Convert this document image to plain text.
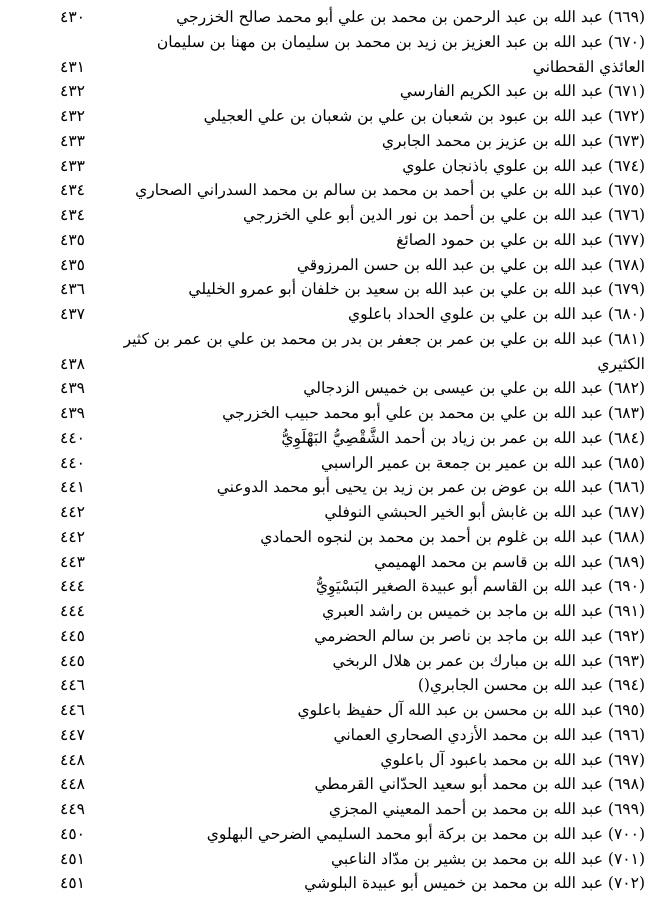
(٦٦٩) عبد الله بن عبد الرحمن بن محمد بن علي أبو محمد صالح الخزرجي
٤٣٠
(٦٧٠) عبد الله بن عبد العزيز بن زيد بن محمد بن سليمان بن مهنا بن سليمان
العائذي القحطاني
٤٣١
(٦٧١) عبد الله بن عبد الكريم الفارسي
٤٣٢
(٦٧٢) عبد الله بن عبود بن شعبان بن علي بن شعبان بن علي العجيلي
٤٣٢
(٦٧٣) عبد الله بن عزيز بن محمد الجابري
٤٣٣
(٦٧٤) عبد الله بن علوي باذنجان علوي
٤٣٣
(٦٧٥) عبد الله بن علي بن أحمد بن محمد بن سالم بن محمد السدراني الصحاري
٤٣٤
(٦٧٦) عبد الله بن علي بن أحمد بن نور الدين أبو علي الخزرجي
٤٣٤
(٦٧٧) عبد الله بن علي بن حمود الصائغ
٤٣٥
(٦٧٨) عبد الله بن علي بن عبد الله بن حسن المرزوقي
٤٣٥
(٦٧٩) عبد الله بن علي بن عبد الله بن سعيد بن خلفان أبو عمرو الخليلي
٤٣٦
(٦٨٠) عبد الله بن علي بن علوي الحداد باعلوي
٤٣٧
(٦٨١) عبد الله بن علي بن عمر بن جعفر بن بدر بن محمد بن علي بن عمر بن كثير
الكثيري
٤٣٨
(٦٨٢) عبد الله بن علي بن عيسى بن خميس الزدجالي
٤٣٩
(٦٨٣) عبد الله بن علي بن محمد بن علي أبو محمد حبيب الخزرجي
٤٣٩
(٦٨٤) عبد الله بن عمر بن زياد بن أحمد الشَّقْصِيُّ البَهْلَوِيُّ
٤٤٠
(٦٨٥) عبد الله بن عمير بن جمعة بن عمير الراسبي
٤٤٠
(٦٨٦) عبد الله بن عوض بن عمر بن زيد بن يحيى أبو محمد الدوعني
٤٤١
(٦٨٧) عبد الله بن غابش أبو الخير الحبشي النوفلي
٤٤٢
(٦٨٨) عبد الله بن غلوم بن أحمد بن محمد بن لنجوه الحمادي
٤٤٢
(٦٨٩) عبد الله بن قاسم بن محمد الهميمي
٤٤٣
(٦٩٠) عبد الله بن القاسم أبو عبيدة الصغير البَسْيَوِيُّ
٤٤٤
(٦٩١) عبد الله بن ماجد بن خميس بن راشد العبري
٤٤٤
(٦٩٢) عبد الله بن ماجد بن ناصر بن سالم الحضرمي
٤٤٥
(٦٩٣) عبد الله بن مبارك بن عمر بن هلال الربخي
٤٤٥
(٦٩٤) عبد الله بن محسن الجابري()
٤٤٦
(٦٩٥) عبد الله بن محسن بن عبد الله آل حفيظ باعلوي
٤٤٦
(٦٩٦) عبد الله بن محمد الأزدي الصحاري العماني
٤٤٧
(٦٩٧) عبد الله بن محمد باعبود آل باعلوي
٤٤٨
(٦٩٨) عبد الله بن محمد أبو سعيد الحدّاني القرمطي
٤٤٨
(٦٩٩) عبد الله بن محمد بن أحمد المعيني المجزي
٤٤٩
(٧٠٠) عبد الله بن محمد بن بركة أبو محمد السليمي الضرحي البهلوي
٤٥٠
(٧٠١) عبد الله بن محمد بن بشير بن مدّاد الناعبي
٤٥١
(٧٠٢) عبد الله بن محمد بن خميس أبو عبيدة البلوشي
٤٥١
